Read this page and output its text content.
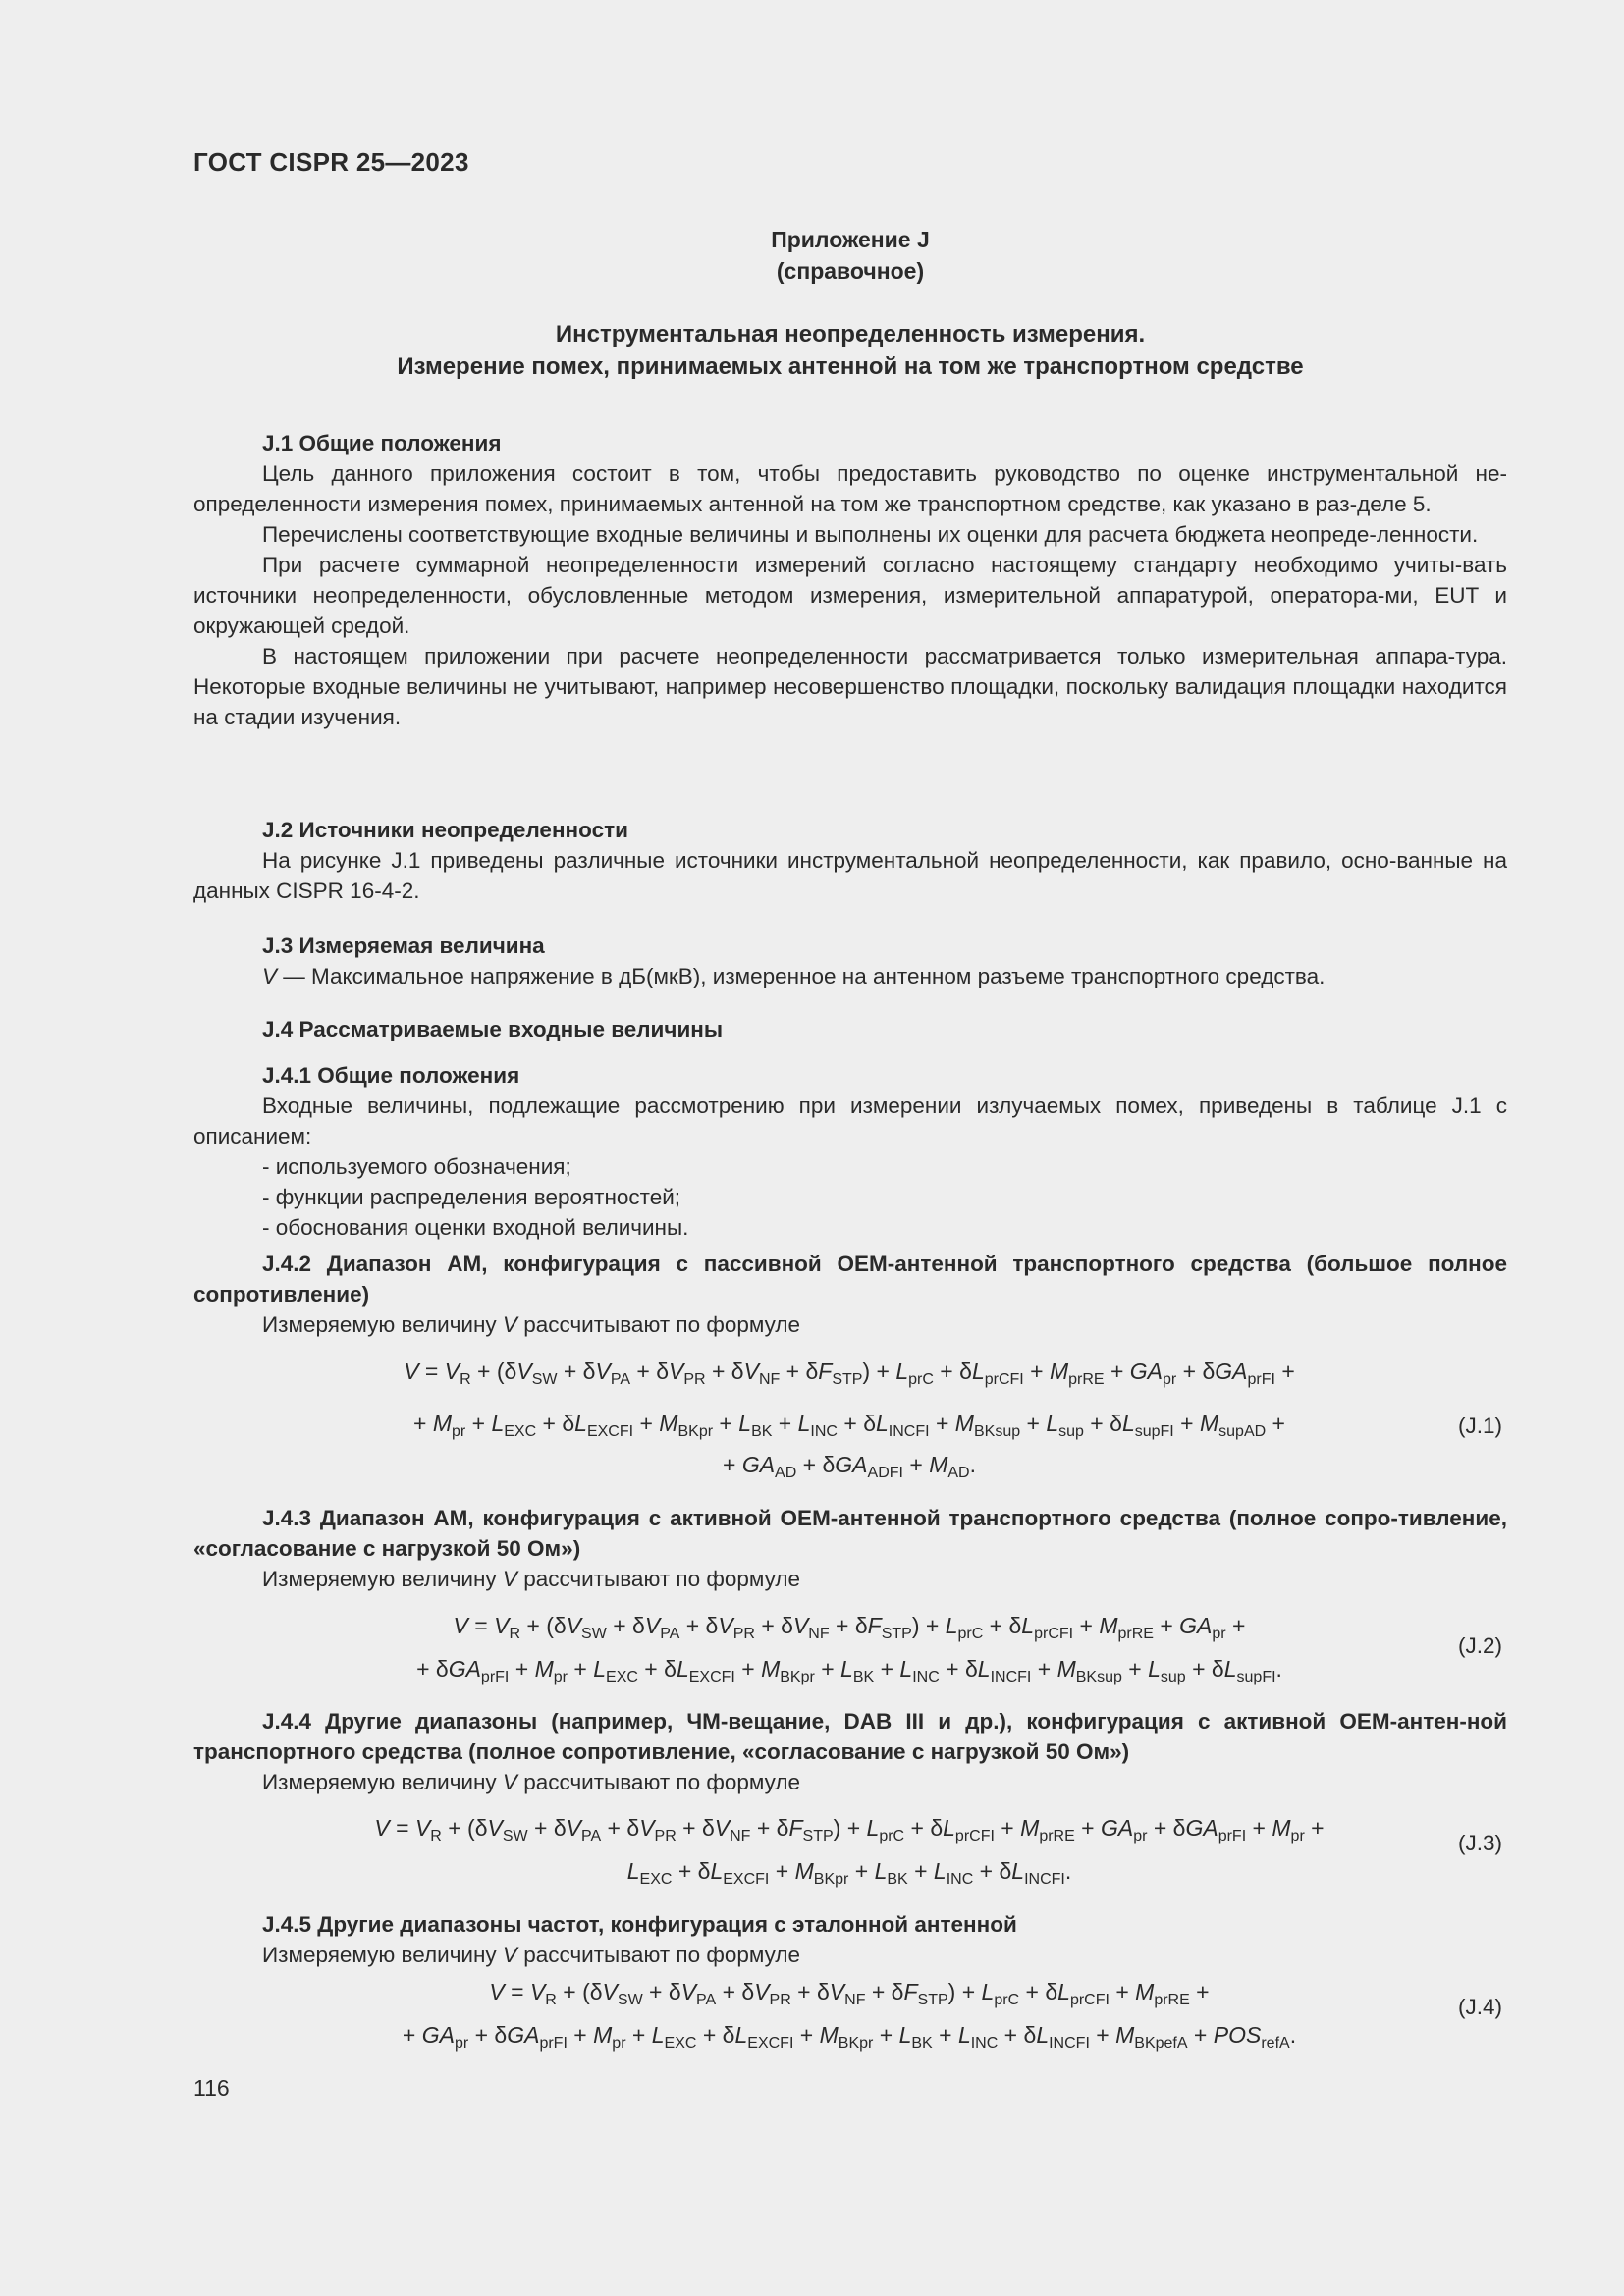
ГОСТ CISPR 25—2023
Приложение J
(справочное)
Инструментальная неопределенность измерения.
Измерение помех, принимаемых антенной на том же транспортном средстве

J.1 Общие положения

Цель данного приложения состоит в том, чтобы предоставить руководство по оценке инструментальной не-определенности измерения помех, принимаемых антенной на том же транспортном средстве, как указано в раз-деле 5.

Перечислены соответствующие входные величины и выполнены их оценки для расчета бюджета неопреде-ленности.

При расчете суммарной неопределенности измерений согласно настоящему стандарту необходимо учиты-вать источники неопределенности, обусловленные методом измерения, измерительной аппаратурой, оператора-ми, EUT и окружающей средой.

В настоящем приложении при расчете неопределенности рассматривается только измерительная аппара-тура. Некоторые входные величины не учитывают, например несовершенство площадки, поскольку валидация площадки находится на стадии изучения.

J.2 Источники неопределенности

На рисунке J.1 приведены различные источники инструментальной неопределенности, как правило, осно-ванные на данных CISPR 16-4-2.

J.3 Измеряемая величина

V — Максимальное напряжение в дБ(мкВ), измеренное на антенном разъеме транспортного средства.

J.4 Рассматриваемые входные величины

J.4.1 Общие положения

Входные величины, подлежащие рассмотрению при измерении излучаемых помех, приведены в таблице J.1 с описанием:

- используемого обозначения;

- функции распределения вероятностей;

- обоснования оценки входной величины.

J.4.2 Диапазон AM, конфигурация с пассивной OEM-антенной транспортного средства (большое полное сопротивление)

Измеряемую величину V рассчитывают по формуле

$V = V_R + (\delta V_{SW} + \delta V_{PA} + \delta V_{PR} + \delta V_{NF} + \delta F_{STP}) + L_{prC} + \delta L_{prCFI} + M_{prRE} + GA_{pr} + \delta GA_{prFI}$ +
+ $M_{pr} + L_{EXC} + \delta L_{EXCFI} + M_{BKpr} + L_{BK} + L_{INC} + \delta L_{INCFI} + M_{BKsup} + L_{sup} + \delta L_{supFI} + M_{supAD}$ +
+ $GA_{AD} + \delta GA_{ADFI} + M_{AD}$.
(J.1)

J.4.3 Диапазон AM, конфигурация с активной OEM-антенной транспортного средства (полное сопро-тивление, «согласование с нагрузкой 50 Ом»)

Измеряемую величину V рассчитывают по формуле

$V = V_R + (\delta V_{SW} + \delta V_{PA} + \delta V_{PR} + \delta V_{NF} + \delta F_{STP}) + L_{prC} + \delta L_{prCFI} + M_{prRE} + GA_{pr}$ +
+ $\delta GA_{prFI} + M_{pr} + L_{EXC} + \delta L_{EXCFI} + M_{BKpr} + L_{BK} + L_{INC} + \delta L_{INCFI} + M_{BKsup} + L_{sup} + \delta L_{supFI}$.
(J.2)

J.4.4 Другие диапазоны (например, ЧМ-вещание, DAB III и др.), конфигурация с активной OEM-антен-ной транспортного средства (полное сопротивление, «согласование с нагрузкой 50 Ом»)

Измеряемую величину V рассчитывают по формуле

$V = V_R + (\delta V_{SW} + \delta V_{PA} + \delta V_{PR} + \delta V_{NF} + \delta F_{STP}) + L_{prC} + \delta L_{prCFI} + M_{prRE} + GA_{pr} + \delta GA_{prFI} + M_{pr}$ +
$L_{EXC} + \delta L_{EXCFI} + M_{BKpr} + L_{BK} + L_{INC} + \delta L_{INCFI}$.
(J.3)

J.4.5 Другие диапазоны частот, конфигурация с эталонной антенной

Измеряемую величину V рассчитывают по формуле

$V = V_R + (\delta V_{SW} + \delta V_{PA} + \delta V_{PR} + \delta V_{NF} + \delta F_{STP}) + L_{prC} + \delta L_{prCFI} + M_{prRE}$ +
+ $GA_{pr} + \delta GA_{prFI} + M_{pr} + L_{EXC} + \delta L_{EXCFI} + M_{BKpr} + L_{BK} + L_{INC} + \delta L_{INCFI} + M_{BKpefA} + POS_{refA}$.
(J.4)
116
